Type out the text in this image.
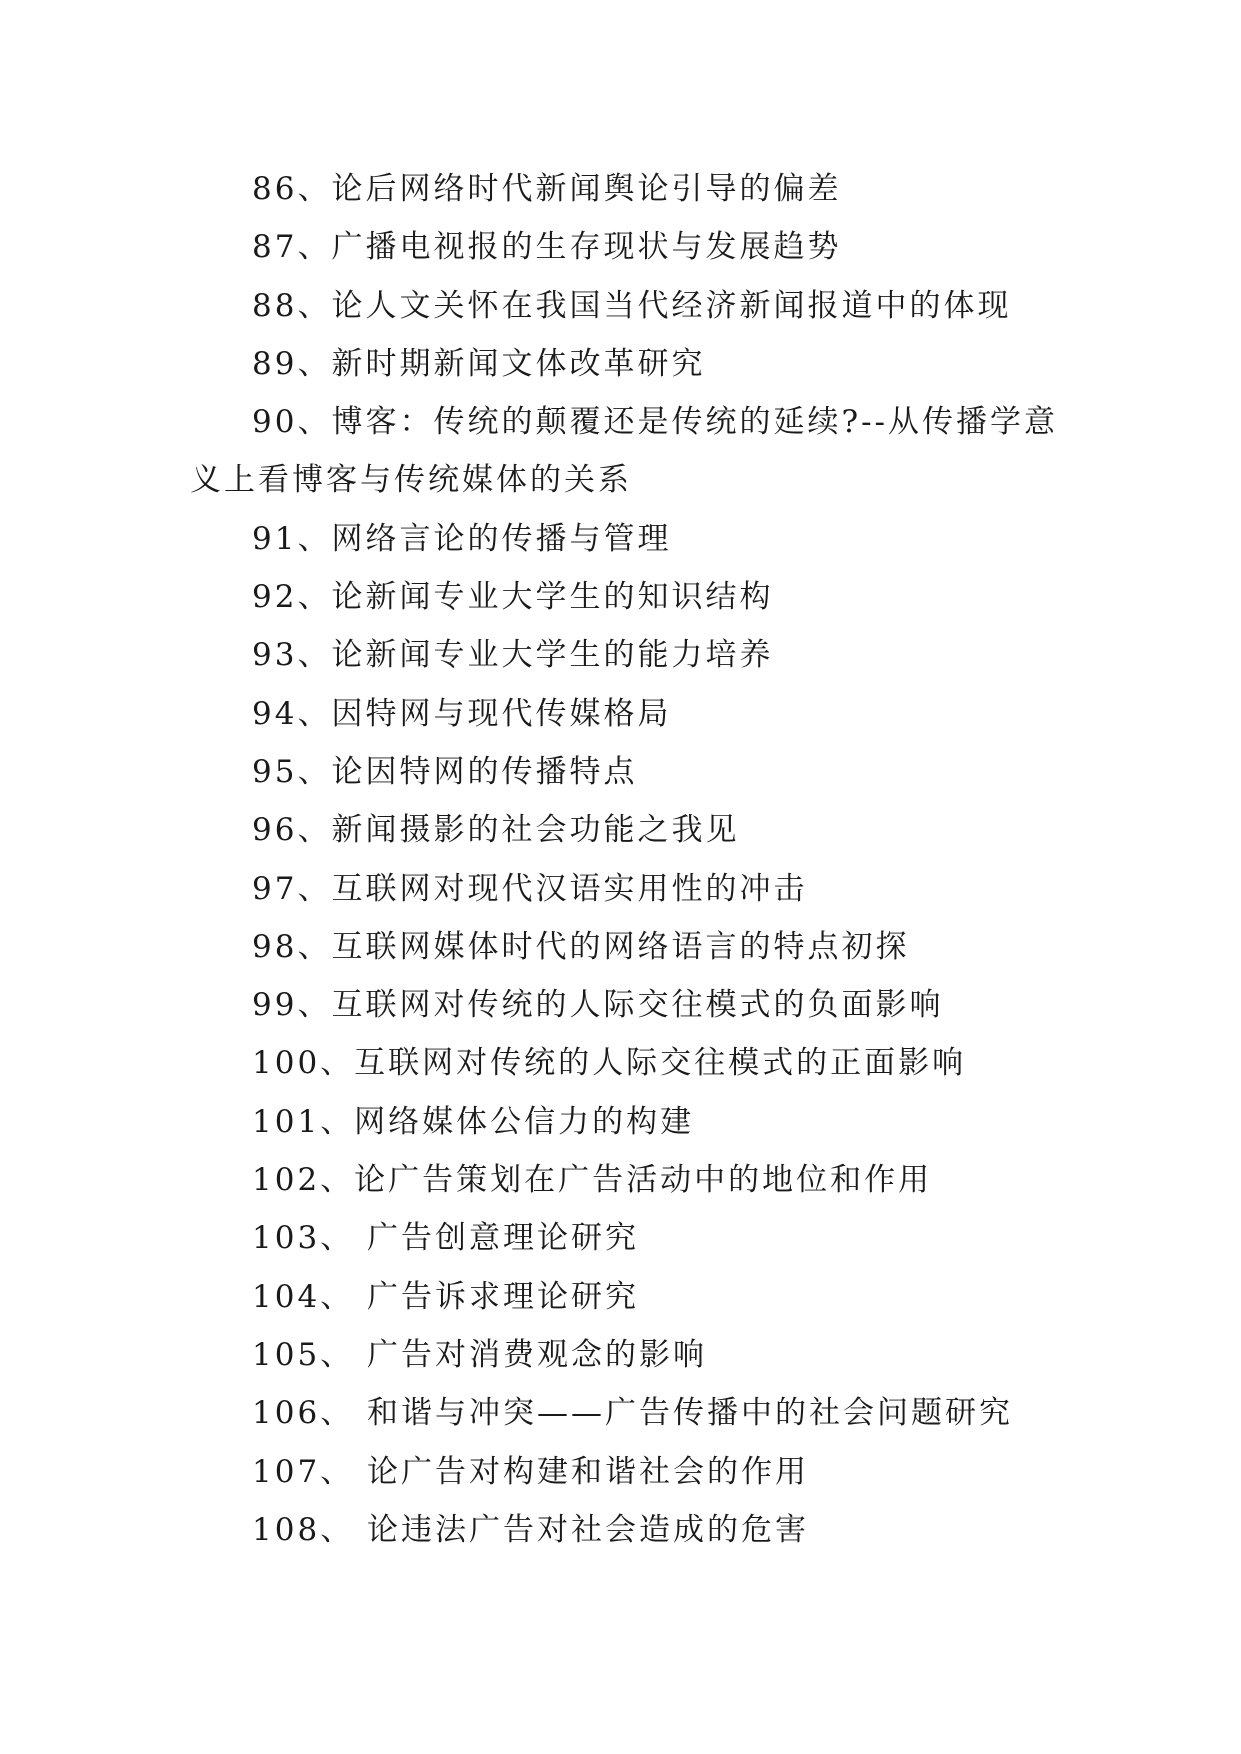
86、论后网络时代新闻舆论引导的偏差

87、广播电视报的生存现状与发展趋势

88、论人文关怀在我国当代经济新闻报道中的体现

89、新时期新闻文体改革研究

90、博客：传统的颠覆还是传统的延续?--从传播学意义上看博客与传统媒体的关系

91、网络言论的传播与管理

92、论新闻专业大学生的知识结构

93、论新闻专业大学生的能力培养

94、因特网与现代传媒格局

95、论因特网的传播特点

96、新闻摄影的社会功能之我见

97、互联网对现代汉语实用性的冲击

98、互联网媒体时代的网络语言的特点初探

99、互联网对传统的人际交往模式的负面影响

100、互联网对传统的人际交往模式的正面影响

101、网络媒体公信力的构建

102、论广告策划在广告活动中的地位和作用

103、 广告创意理论研究

104、 广告诉求理论研究

105、 广告对消费观念的影响

106、 和谐与冲突——广告传播中的社会问题研究

107、 论广告对构建和谐社会的作用

108、 论违法广告对社会造成的危害
